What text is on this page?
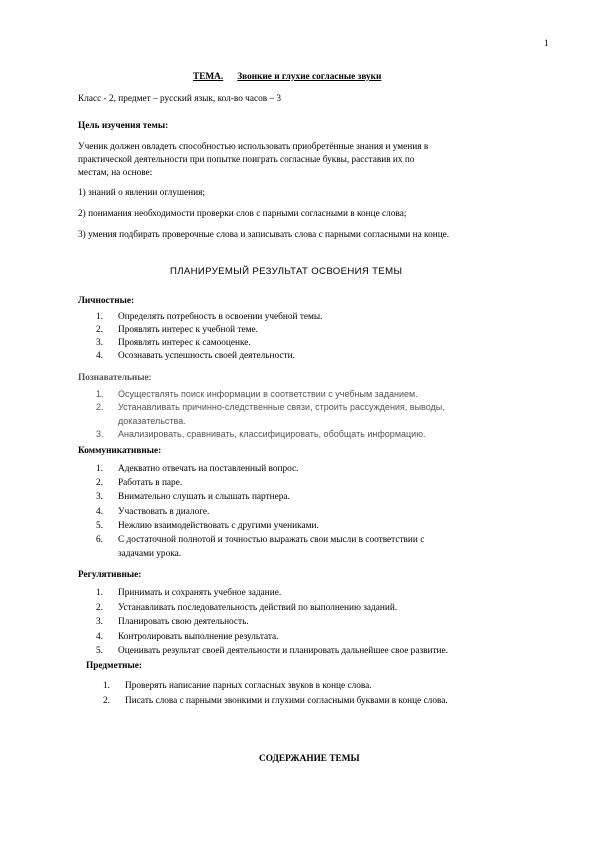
1
ТЕМА. Звонкие и глухие согласные звуки
Класс - 2, предмет – русский язык, кол-во часов – 3
Цель изучения темы:
Ученик должен овладеть способностью использовать приобретённые знания и умения в
практической деятельности при попытке поиграть согласные буквы, расставив их по
местам, на основе:
1) знаний о явлении оглушения;
2) понимания необходимости проверки слов с парными согласными в конце слова;
3) умения подбирать проверочные слова и записывать слова с парными согласными на конце.
ПЛАНИРУЕМЫЙ РЕЗУЛЬТАТ ОСВОЕНИЯ ТЕМЫ
Личностные:
1. Определять потребность в освоении учебной темы.
2. Проявлять интерес к учебной теме.
3. Проявлять интерес к самооценке.
4. Осознавать успешность своей деятельности.
Познавательные:
1. Осуществлять поиск информации в соответствии с учебным заданием.
2. Устанавливать причинно-следственные связи, строить рассуждения, выводы,
доказательства.
3. Анализировать, сравнивать, классифицировать, обобщать информацию.
Коммуникативные:
1. Адекватно отвечать на поставленный вопрос.
2. Работать в паре.
3. Внимательно слушать и слышать партнера.
4. Участвовать в диалоге.
5. Нежлию взаимодействовать с другими учениками.
6. С достаточной полнотой и точностью выражать свои мысли в соответствии с
задачами урока.
Регулятивные:
1. Принимать и сохранять учебное задание.
2. Устанавливать последовательность действий по выполнению заданий.
3. Планировать свою деятельность.
4. Контролировать выполнение результата.
5. Оценивать результат своей деятельности и планировать дальнейшее свое развитие.
Предметные:
1. Проверять написание парных согласных звуков в конце слова.
2. Писать слова с парными звонкими и глухими согласными буквами в конце слова.
СОДЕРЖАНИЕ ТЕМЫ
